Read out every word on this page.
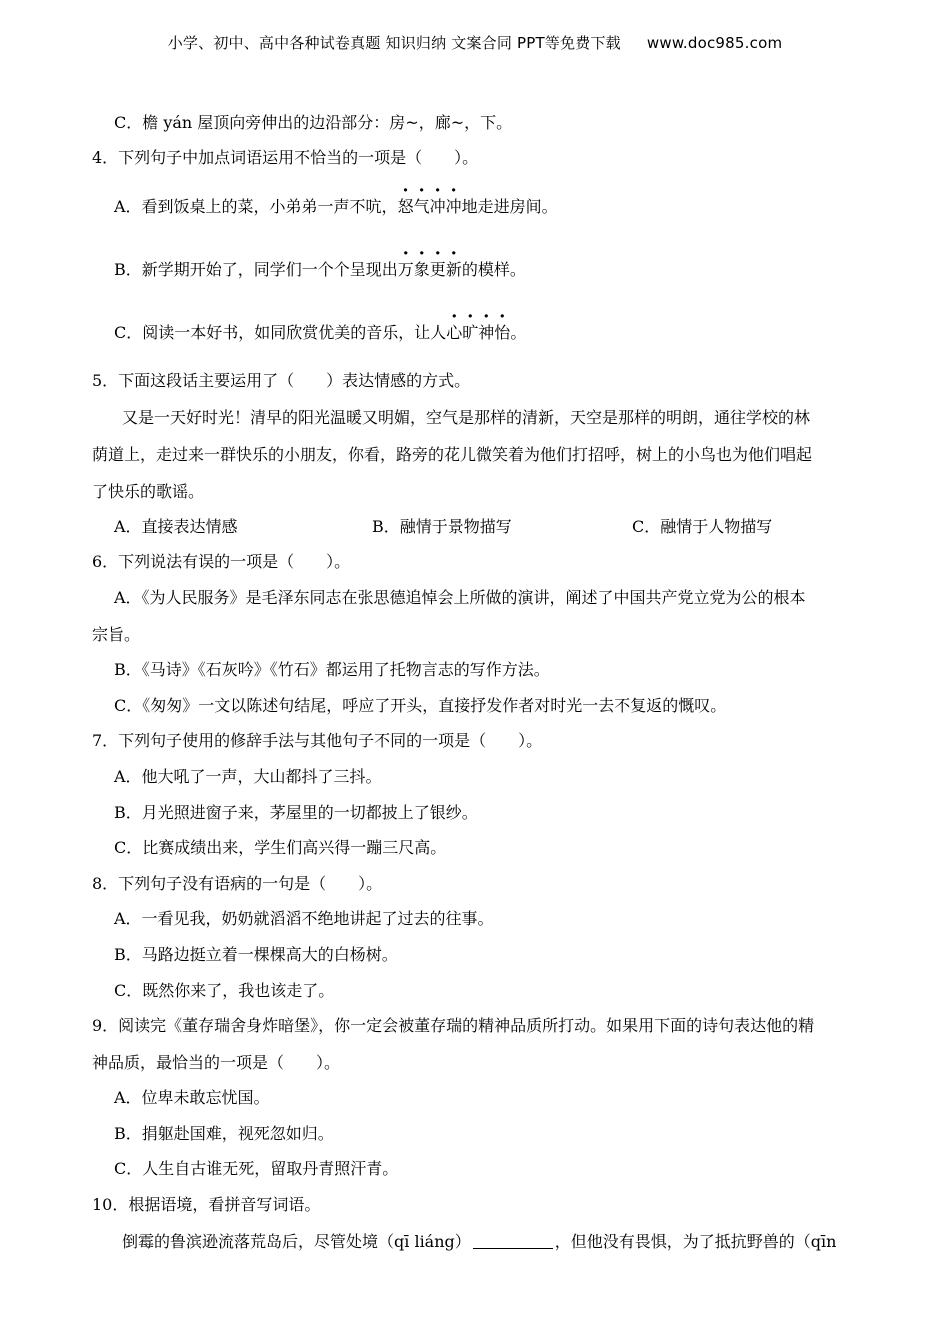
小学、初中、高中各种试卷真题 知识归纳 文案合同 PPT等免费下载 www.doc985.com
C．檐 yán 屋顶向旁伸出的边沿部分：房~，廊~，下。
4．下列句子中加点词语运用不恰当的一项是（　　）。
A．看到饭桌上的菜，小弟弟一声不吭，怒气冲冲地走进房间。
B．新学期开始了，同学们一个个呈现出万象更新的模样。
C．阅读一本好书，如同欣赏优美的音乐，让人心旷神怡。
5．下面这段话主要运用了（　　）表达情感的方式。
又是一天好时光！清早的阳光温暖又明媚，空气是那样的清新，天空是那样的明朗，通往学校的林
荫道上，走过来一群快乐的小朋友，你看，路旁的花儿微笑着为他们打招呼，树上的小鸟也为他们唱起
了快乐的歌谣。
A．直接表达情感	B．融情于景物描写	C．融情于人物描写
6．下列说法有误的一项是（　　）。
A．《为人民服务》是毛泽东同志在张思德追悼会上所做的演讲，阐述了中国共产党立党为公的根本
宗旨。
B．《马诗》《石灰吟》《竹石》都运用了托物言志的写作方法。
C．《匆匆》一文以陈述句结尾，呼应了开头，直接抒发作者对时光一去不复返的慨叹。
7．下列句子使用的修辞手法与其他句子不同的一项是（　　）。
A．他大吼了一声，大山都抖了三抖。
B．月光照进窗子来，茅屋里的一切都披上了银纱。
C．比赛成绩出来，学生们高兴得一蹦三尺高。
8．下列句子没有语病的一句是（　　）。
A．一看见我，奶奶就滔滔不绝地讲起了过去的往事。
B．马路边挺立着一棵棵高大的白杨树。
C．既然你来了，我也该走了。
9．阅读完《董存瑞舍身炸暗堡》，你一定会被董存瑞的精神品质所打动。如果用下面的诗句表达他的精
神品质，最恰当的一项是（　　）。
A．位卑未敢忘忧国。
B．捐躯赴国难，视死忽如归。
C．人生自古谁无死，留取丹青照汗青。
10．根据语境，看拼音写词语。
倒霉的鲁滨逊流落荒岛后，尽管处境（qī liáng）	，但他没有畏惧，为了抵抗野兽的（qīn
